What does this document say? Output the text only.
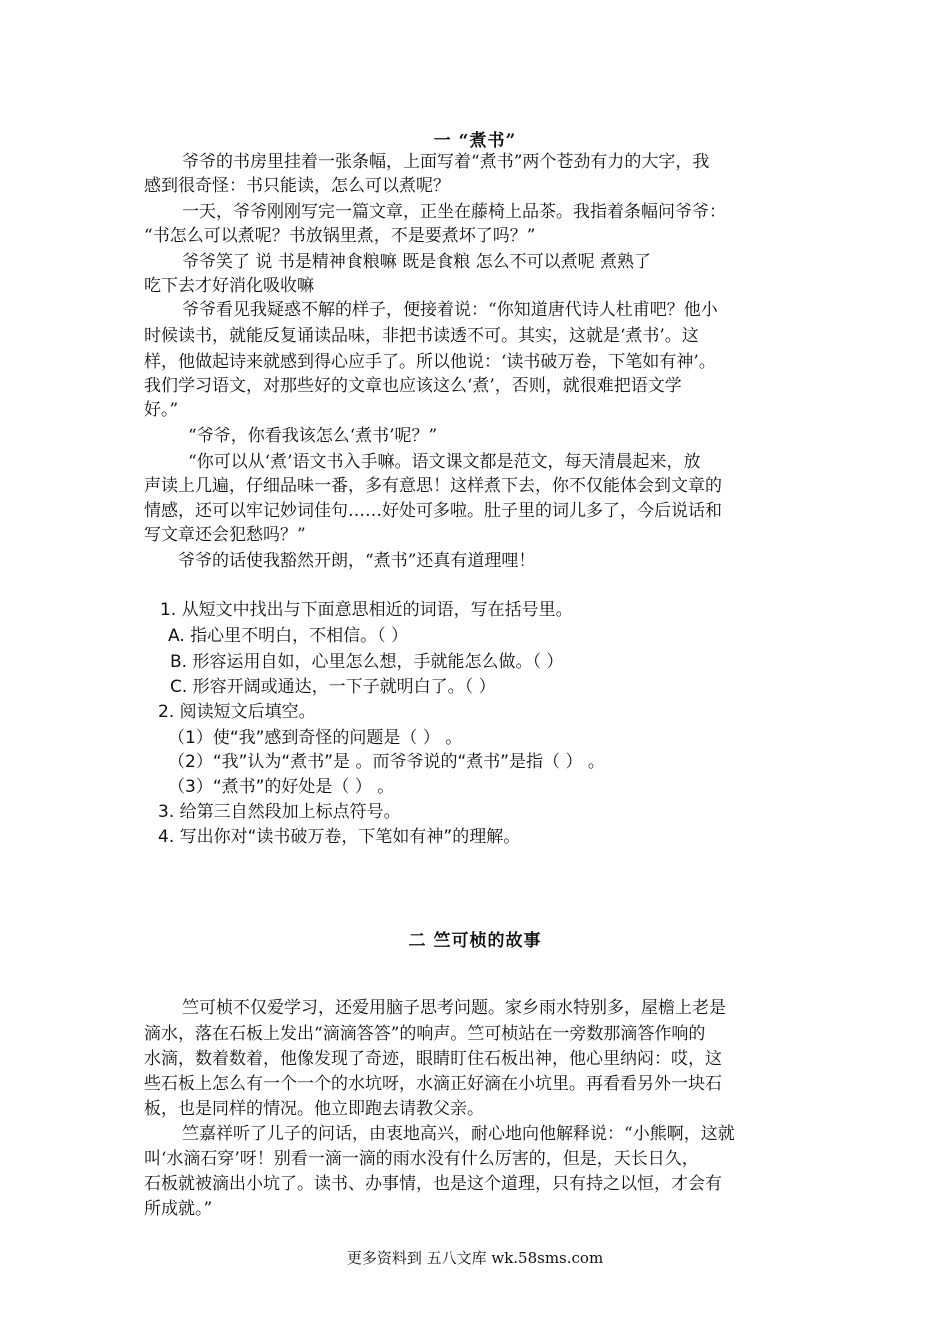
一 “煮书”
爷爷的书房里挂着一张条幅，上面写着“煮书”两个苍劲有力的大字，我
感到很奇怪：书只能读，怎么可以煮呢？
一天，爷爷刚刚写完一篇文章，正坐在藤椅上品茶。我指着条幅问爷爷：
“书怎么可以煮呢？书放锅里煮，不是要煮坏了吗？”
爷爷笑了 说 书是精神食粮嘛 既是食粮 怎么不可以煮呢 煮熟了
吃下去才好消化吸收嘛
爷爷看见我疑惑不解的样子，便接着说：“你知道唐代诗人杜甫吧？他小
时候读书，就能反复诵读品味，非把书读透不可。其实，这就是‘煮书’。这
样，他做起诗来就感到得心应手了。所以他说：‘读书破万卷，下笔如有神’。
我们学习语文，对那些好的文章也应该这么‘煮’，否则，就很难把语文学
好。”
“爷爷，你看我该怎么‘煮书’呢？”
“你可以从‘煮’语文书入手嘛。语文课文都是范文，每天清晨起来，放
声读上几遍，仔细品味一番，多有意思！这样煮下去，你不仅能体会到文章的
情感，还可以牢记妙词佳句……好处可多啦。肚子里的词儿多了，今后说话和
写文章还会犯愁吗？”
爷爷的话使我豁然开朗，“煮书”还真有道理哩！
1. 从短文中找出与下面意思相近的词语，写在括号里。
A. 指心里不明白，不相信。（ ）
B. 形容运用自如，心里怎么想，手就能怎么做。（ ）
C. 形容开阔或通达，一下子就明白了。（ ）
2. 阅读短文后填空。
（1）使“我”感到奇怪的问题是（ ） 。
（2）“我”认为“煮书”是 。而爷爷说的“煮书”是指（ ） 。
（3）“煮书”的好处是（ ） 。
3. 给第三自然段加上标点符号。
4. 写出你对“读书破万卷，下笔如有神”的理解。
二 竺可桢的故事
竺可桢不仅爱学习，还爱用脑子思考问题。家乡雨水特别多，屋檐上老是
滴水，落在石板上发出“滴滴答答”的响声。竺可桢站在一旁数那滴答作响的
水滴，数着数着，他像发现了奇迹，眼睛盯住石板出神，他心里纳闷：哎，这
些石板上怎么有一个一个的水坑呀，水滴正好滴在小坑里。再看看另外一块石
板，也是同样的情况。他立即跑去请教父亲。
竺嘉祥听了儿子的问话，由衷地高兴，耐心地向他解释说：“小熊啊，这就
叫‘水滴石穿’呀！别看一滴一滴的雨水没有什么厉害的，但是，天长日久，
石板就被滴出小坑了。读书、办事情，也是这个道理，只有持之以恒，才会有
所成就。”
更多资料到 五八文库 wk.58sms.com
